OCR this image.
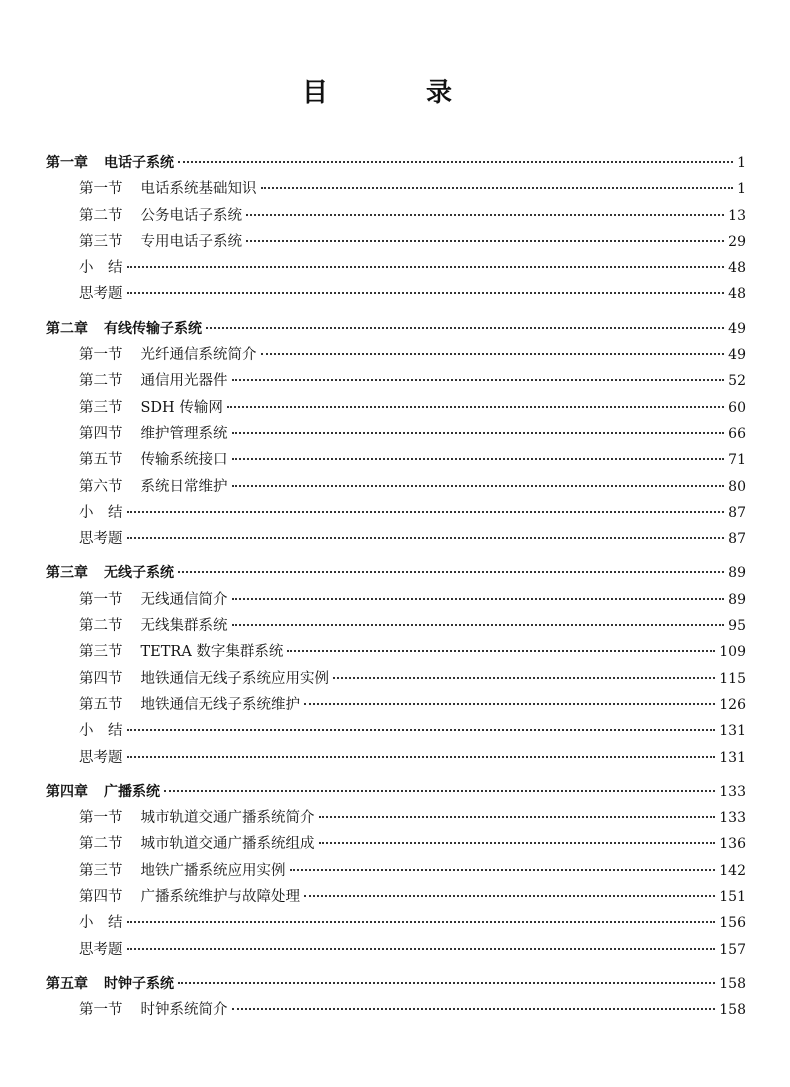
目　录
第一章 电话子系统	1
第一节 电话系统基础知识	1
第二节 公务电话子系统	13
第三节 专用电话子系统	29
小　结	48
思考题	48
第二章 有线传输子系统	49
第一节 光纤通信系统简介	49
第二节 通信用光器件	52
第三节 SDH 传输网	60
第四节 维护管理系统	66
第五节 传输系统接口	71
第六节 系统日常维护	80
小　结	87
思考题	87
第三章 无线子系统	89
第一节 无线通信简介	89
第二节 无线集群系统	95
第三节 TETRA 数字集群系统	109
第四节 地铁通信无线子系统应用实例	115
第五节 地铁通信无线子系统维护	126
小　结	131
思考题	131
第四章 广播系统	133
第一节 城市轨道交通广播系统简介	133
第二节 城市轨道交通广播系统组成	136
第三节 地铁广播系统应用实例	142
第四节 广播系统维护与故障处理	151
小　结	156
思考题	157
第五章 时钟子系统	158
第一节 时钟系统简介	158
